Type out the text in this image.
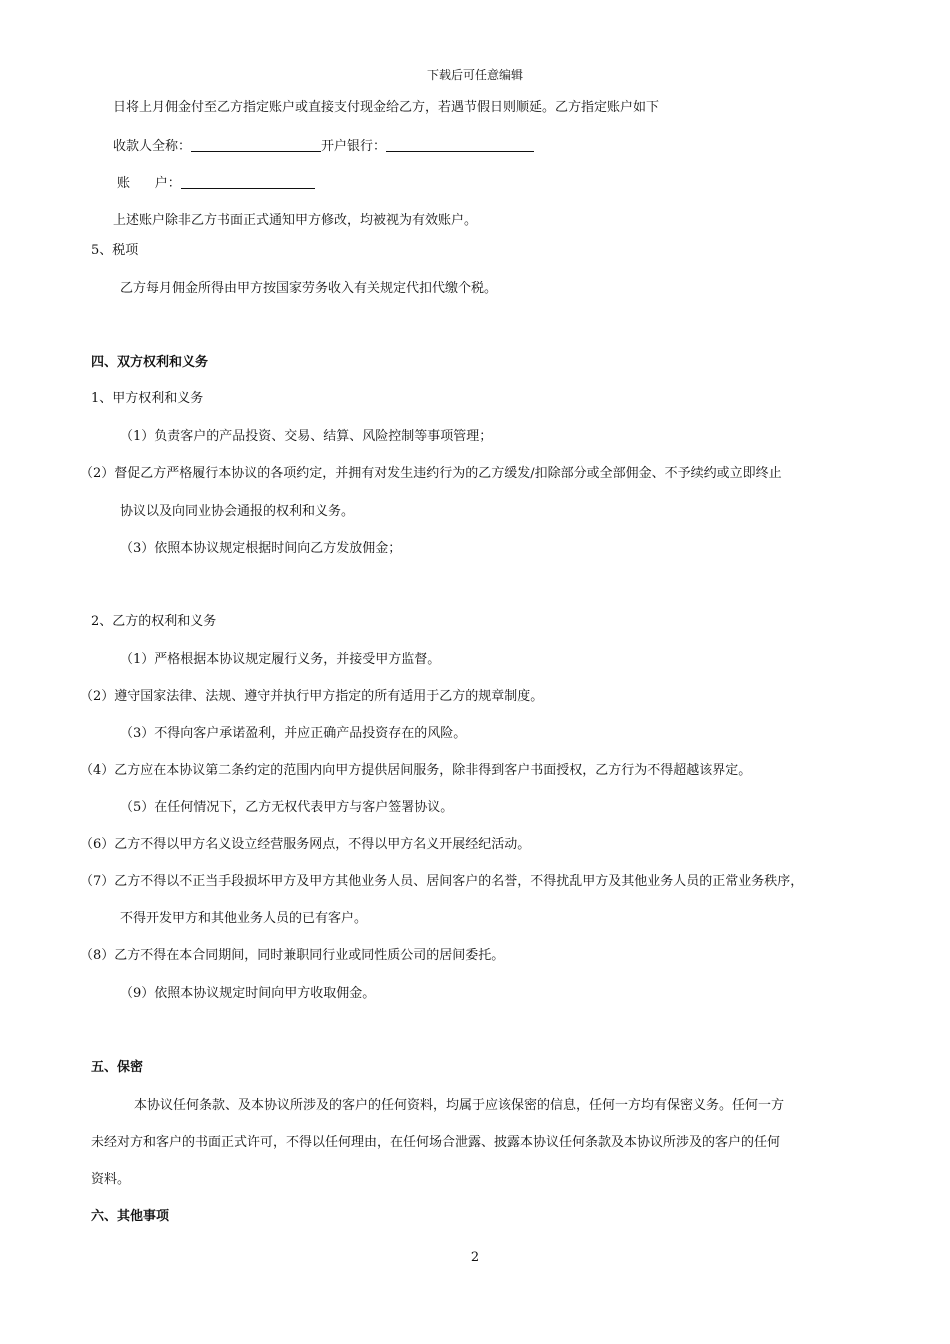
下载后可任意编辑
日将上月佣金付至乙方指定账户或直接支付现金给乙方，若遇节假日则顺延。乙方指定账户如下
收款人全称：	开户银行：
账      户：
上述账户除非乙方书面正式通知甲方修改，均被视为有效账户。
5、税项
乙方每月佣金所得由甲方按国家劳务收入有关规定代扣代缴个税。
四、双方权利和义务
1、甲方权利和义务
（1）负责客户的产品投资、交易、结算、风险控制等事项管理；
（2）督促乙方严格履行本协议的各项约定，并拥有对发生违约行为的乙方缓发/扣除部分或全部佣金、不予续约或立即终止
协议以及向同业协会通报的权利和义务。
（3）依照本协议规定根据时间向乙方发放佣金；
2、乙方的权利和义务
（1）严格根据本协议规定履行义务，并接受甲方监督。
（2）遵守国家法律、法规、遵守并执行甲方指定的所有适用于乙方的规章制度。
（3）不得向客户承诺盈利，并应正确产品投资存在的风险。
（4）乙方应在本协议第二条约定的范围内向甲方提供居间服务，除非得到客户书面授权，乙方行为不得超越该界定。
（5）在任何情况下，乙方无权代表甲方与客户签署协议。
（6）乙方不得以甲方名义设立经营服务网点，不得以甲方名义开展经纪活动。
（7）乙方不得以不正当手段损坏甲方及甲方其他业务人员、居间客户的名誉，不得扰乱甲方及其他业务人员的正常业务秩序，
不得开发甲方和其他业务人员的已有客户。
（8）乙方不得在本合同期间，同时兼职同行业或同性质公司的居间委托。
（9）依照本协议规定时间向甲方收取佣金。
五、保密
本协议任何条款、及本协议所涉及的客户的任何资料，均属于应该保密的信息，任何一方均有保密义务。任何一方
未经对方和客户的书面正式许可，不得以任何理由，在任何场合泄露、披露本协议任何条款及本协议所涉及的客户的任何
资料。
六、其他事项
2
